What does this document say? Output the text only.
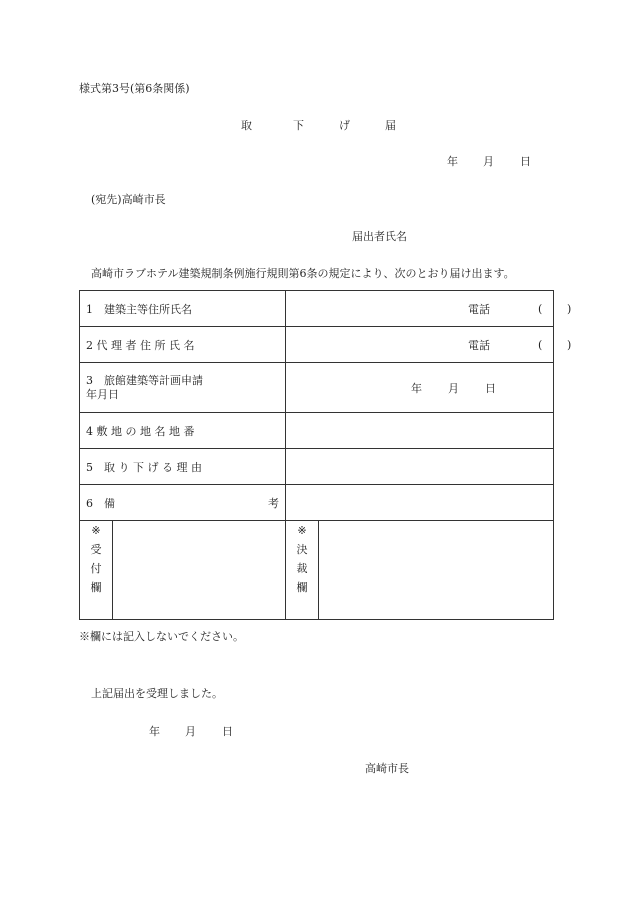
様式第3号(第6条関係)
取	下	げ	届
年 月 日
(宛先)高崎市長
届出者氏名
高崎市ラブホテル建築規制条例施行規則第6条の規定により、次のとおり届け出ます。
1　建築主等住所氏名		電話 ( )	

2 代 理 者 住 所 氏 名		電話 ( )	

3　旅館建築等計画申請
年月日		年 月 日	

4 敷 地 の 地 名 地 番			
5　取 り 下 げ る 理 由			
6　備 考			

※
受
付
欄		※
決
裁
欄	

※欄には記入しないでください。
上記届出を受理しました。
年 月 日
高崎市長
